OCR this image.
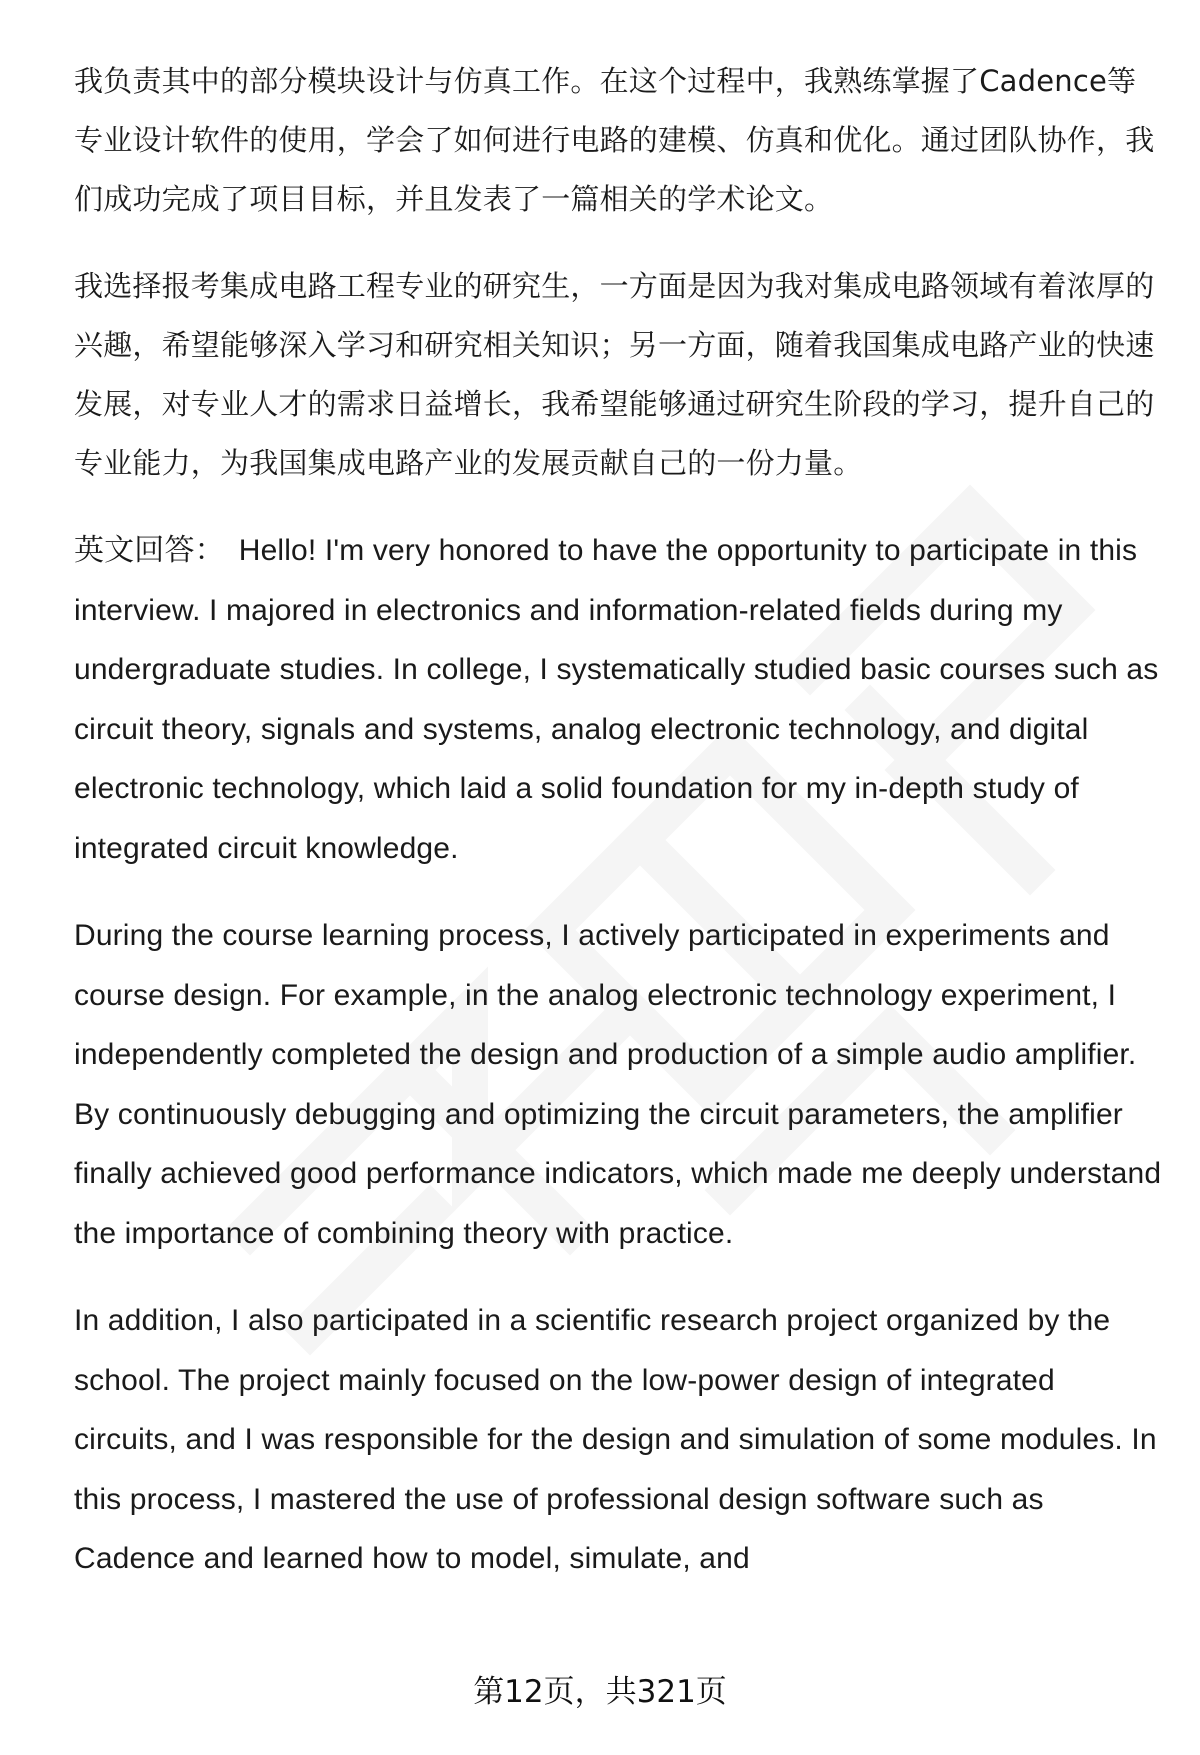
我负责其中的部分模块设计与仿真工作。在这个过程中，我熟练掌握了Cadence等专业设计软件的使用，学会了如何进行电路的建模、仿真和优化。通过团队协作，我们成功完成了项目目标，并且发表了一篇相关的学术论文。

我选择报考集成电路工程专业的研究生，一方面是因为我对集成电路领域有着浓厚的兴趣，希望能够深入学习和研究相关知识；另一方面，随着我国集成电路产业的快速发展，对专业人才的需求日益增长，我希望能够通过研究生阶段的学习，提升自己的专业能力，为我国集成电路产业的发展贡献自己的一份力量。

英文回答： Hello! I'm very honored to have the opportunity to participate in this interview. I majored in electronics and information-related fields during my undergraduate studies. In college, I systematically studied basic courses such as circuit theory, signals and systems, analog electronic technology, and digital electronic technology, which laid a solid foundation for my in-depth study of integrated circuit knowledge.

During the course learning process, I actively participated in experiments and course design. For example, in the analog electronic technology experiment, I independently completed the design and production of a simple audio amplifier. By continuously debugging and optimizing the circuit parameters, the amplifier finally achieved good performance indicators, which made me deeply understand the importance of combining theory with practice.

In addition, I also participated in a scientific research project organized by the school. The project mainly focused on the low-power design of integrated circuits, and I was responsible for the design and simulation of some modules. In this process, I mastered the use of professional design software such as Cadence and learned how to model, simulate, and

第12页，共321页
